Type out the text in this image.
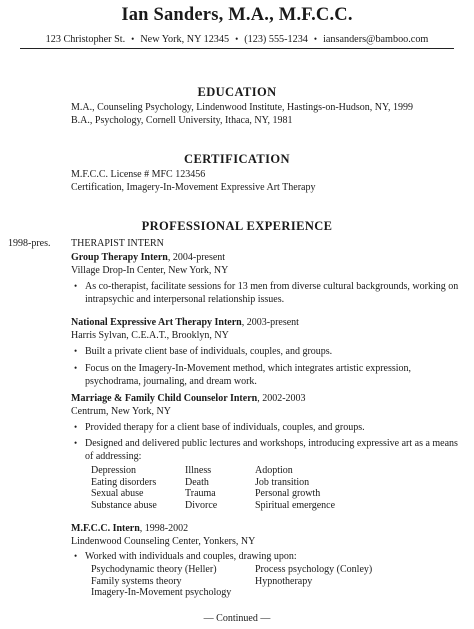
Ian Sanders, M.A., M.F.C.C.
123 Christopher St. • New York, NY 12345 • (123) 555-1234 • iansanders@bamboo.com
EDUCATION
M.A., Counseling Psychology, Lindenwood Institute, Hastings-on-Hudson, NY, 1999
B.A., Psychology, Cornell University, Ithaca, NY, 1981
CERTIFICATION
M.F.C.C. License # MFC 123456
Certification, Imagery-In-Movement Expressive Art Therapy
PROFESSIONAL EXPERIENCE
1998-pres. THERAPIST INTERN
Group Therapy Intern, 2004-present
Village Drop-In Center, New York, NY
• As co-therapist, facilitate sessions for 13 men from diverse cultural backgrounds, working on intrapsychic and interpersonal relationship issues.
National Expressive Art Therapy Intern, 2003-present
Harris Sylvan, C.E.A.T., Brooklyn, NY
• Built a private client base of individuals, couples, and groups.
• Focus on the Imagery-In-Movement method, which integrates artistic expression, psychodrama, journaling, and dream work.
Marriage & Family Child Counselor Intern, 2002-2003
Centrum, New York, NY
• Provided therapy for a client base of individuals, couples, and groups.
• Designed and delivered public lectures and workshops, introducing expressive art as a means of addressing:
Depression	Illness	Adoption
Eating disorders	Death	Job transition
Sexual abuse	Trauma	Personal growth
Substance abuse	Divorce	Spiritual emergence
M.F.C.C. Intern, 1998-2002
Lindenwood Counseling Center, Yonkers, NY
• Worked with individuals and couples, drawing upon:
Psychodynamic theory (Heller)	Process psychology (Conley)
Family systems theory	Hypnotherapy
Imagery-In-Movement psychology
— Continued —
